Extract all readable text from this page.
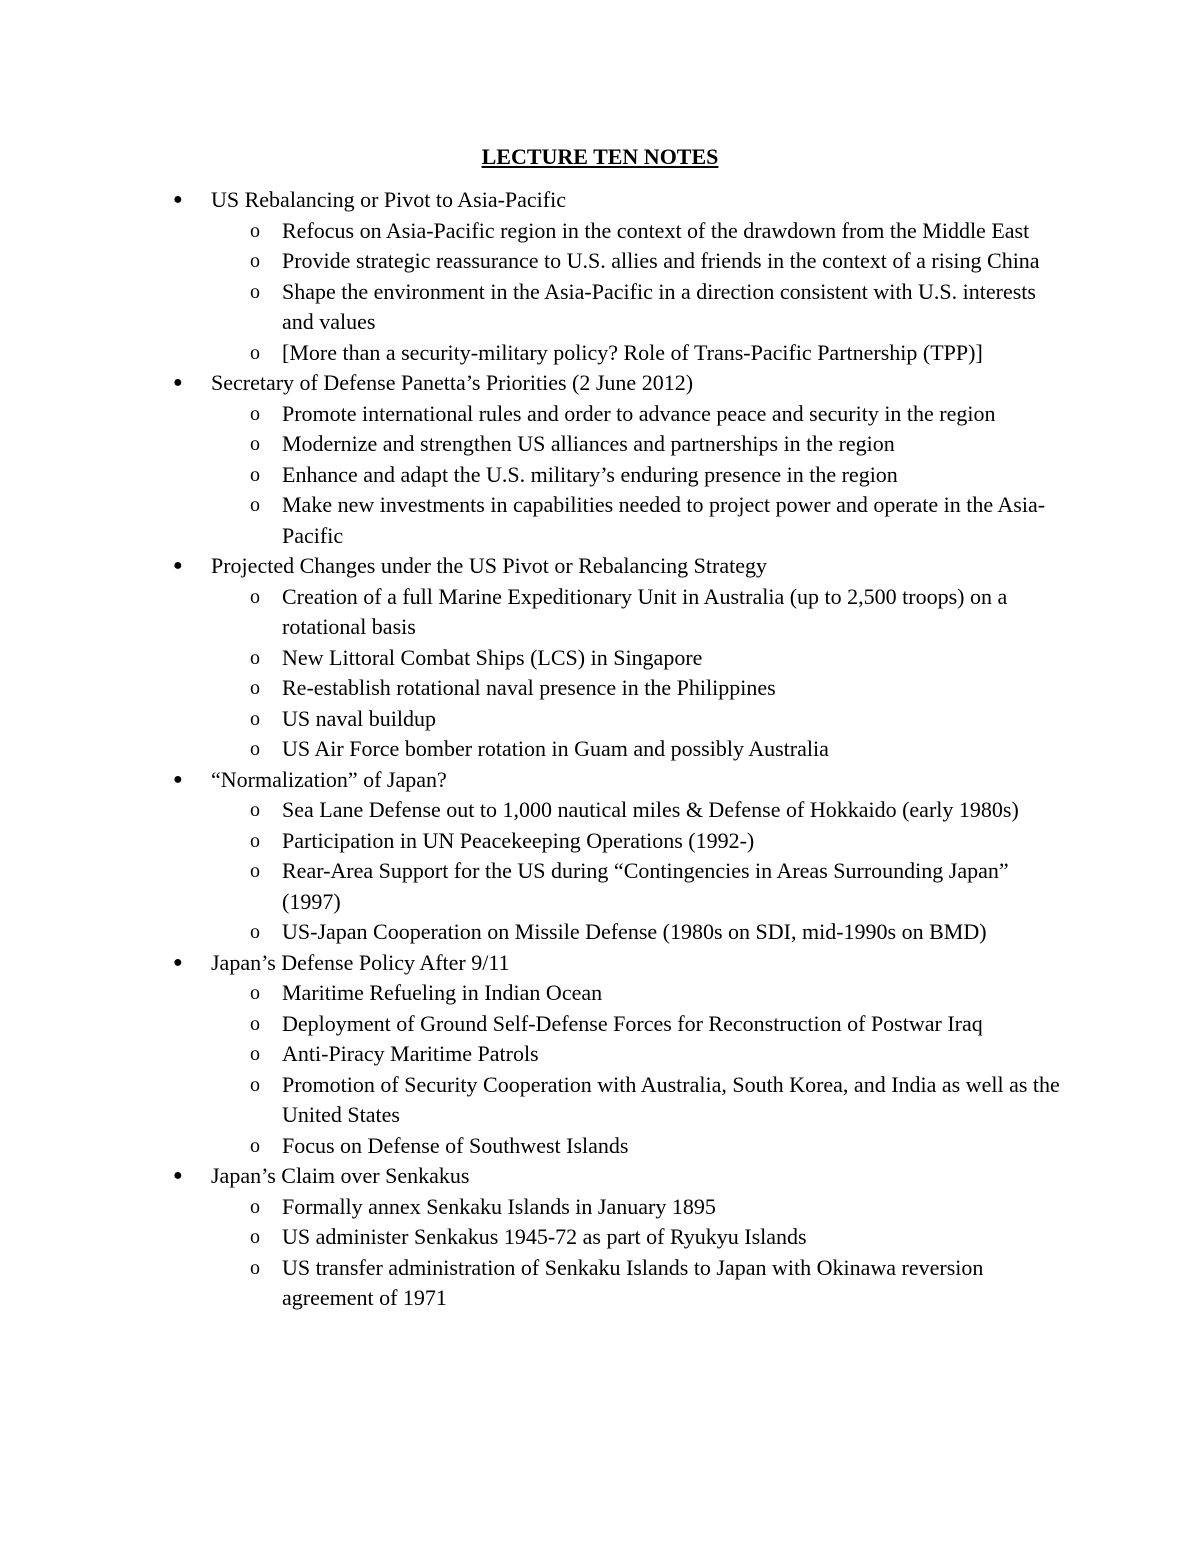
LECTURE TEN NOTES
●	US Rebalancing or Pivot to Asia-Pacific
o	Refocus on Asia-Pacific region in the context of the drawdown from the Middle East
o	Provide strategic reassurance to U.S. allies and friends in the context of a rising China
o	Shape the environment in the Asia-Pacific in a direction consistent with U.S. interests and values
o	[More than a security-military policy? Role of Trans-Pacific Partnership (TPP)]
●	Secretary of Defense Panetta’s Priorities (2 June 2012)
o	Promote international rules and order to advance peace and security in the region
o	Modernize and strengthen US alliances and partnerships in the region
o	Enhance and adapt the U.S. military’s enduring presence in the region
o	Make new investments in capabilities needed to project power and operate in the Asia-Pacific
●	Projected Changes under the US Pivot or Rebalancing Strategy
o	Creation of a full Marine Expeditionary Unit in Australia (up to 2,500 troops) on a rotational basis
o	New Littoral Combat Ships (LCS) in Singapore
o	Re-establish rotational naval presence in the Philippines
o	US naval buildup
o	US Air Force bomber rotation in Guam and possibly Australia
●	“Normalization” of Japan?
o	Sea Lane Defense out to 1,000 nautical miles & Defense of Hokkaido (early 1980s)
o	Participation in UN Peacekeeping Operations (1992-)
o	Rear-Area Support for the US during “Contingencies in Areas Surrounding Japan” (1997)
o	US-Japan Cooperation on Missile Defense (1980s on SDI, mid-1990s on BMD)
●	Japan’s Defense Policy After 9/11
o	Maritime Refueling in Indian Ocean
o	Deployment of Ground Self-Defense Forces for Reconstruction of Postwar Iraq
o	Anti-Piracy Maritime Patrols
o	Promotion of Security Cooperation with Australia, South Korea, and India as well as the United States
o	Focus on Defense of Southwest Islands
●	Japan’s Claim over Senkakus
o	Formally annex Senkaku Islands in January 1895
o	US administer Senkakus 1945-72 as part of Ryukyu Islands
o	US transfer administration of Senkaku Islands to Japan with Okinawa reversion agreement of 1971
